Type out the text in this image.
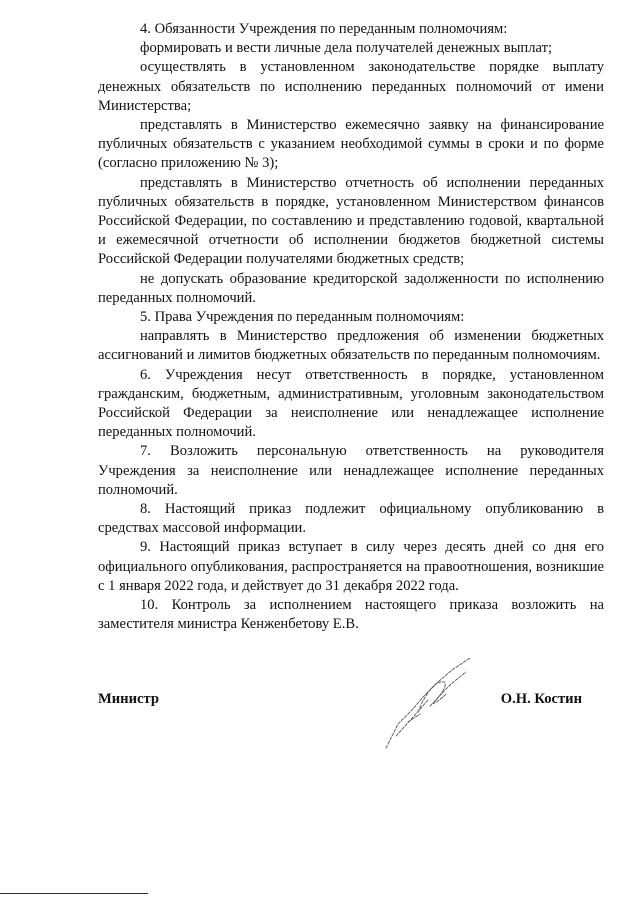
4. Обязанности Учреждения по переданным полномочиям:

формировать и вести личные дела получателей денежных выплат;

осуществлять в установленном законодательстве порядке выплату денежных обязательств по исполнению переданных полномочий от имени Министерства;

представлять в Министерство ежемесячно заявку на финансирование публичных обязательств с указанием необходимой суммы в сроки и по форме (согласно приложению № 3);

представлять в Министерство отчетность об исполнении переданных публичных обязательств в порядке, установленном Министерством финансов Российской Федерации, по составлению и представлению годовой, квартальной и ежемесячной отчетности об исполнении бюджетов бюджетной системы Российской Федерации получателями бюджетных средств;

не допускать образование кредиторской задолженности по исполнению переданных полномочий.

5. Права Учреждения по переданным полномочиям:

направлять в Министерство предложения об изменении бюджетных ассигнований и лимитов бюджетных обязательств по переданным полномочиям.

6. Учреждения несут ответственность в порядке, установленном гражданским, бюджетным, административным, уголовным законодательством Российской Федерации за неисполнение или ненадлежащее исполнение переданных полномочий.

7. Возложить персональную ответственность на руководителя Учреждения за неисполнение или ненадлежащее исполнение переданных полномочий.

8. Настоящий приказ подлежит официальному опубликованию в средствах массовой информации.

9. Настоящий приказ вступает в силу через десять дней со дня его официального опубликования, распространяется на правоотношения, возникшие с 1 января 2022 года, и действует до 31 декабря 2022 года.

10. Контроль за исполнением настоящего приказа возложить на заместителя министра Кенженбетову Е.В.

Министр	О.Н. Костин
